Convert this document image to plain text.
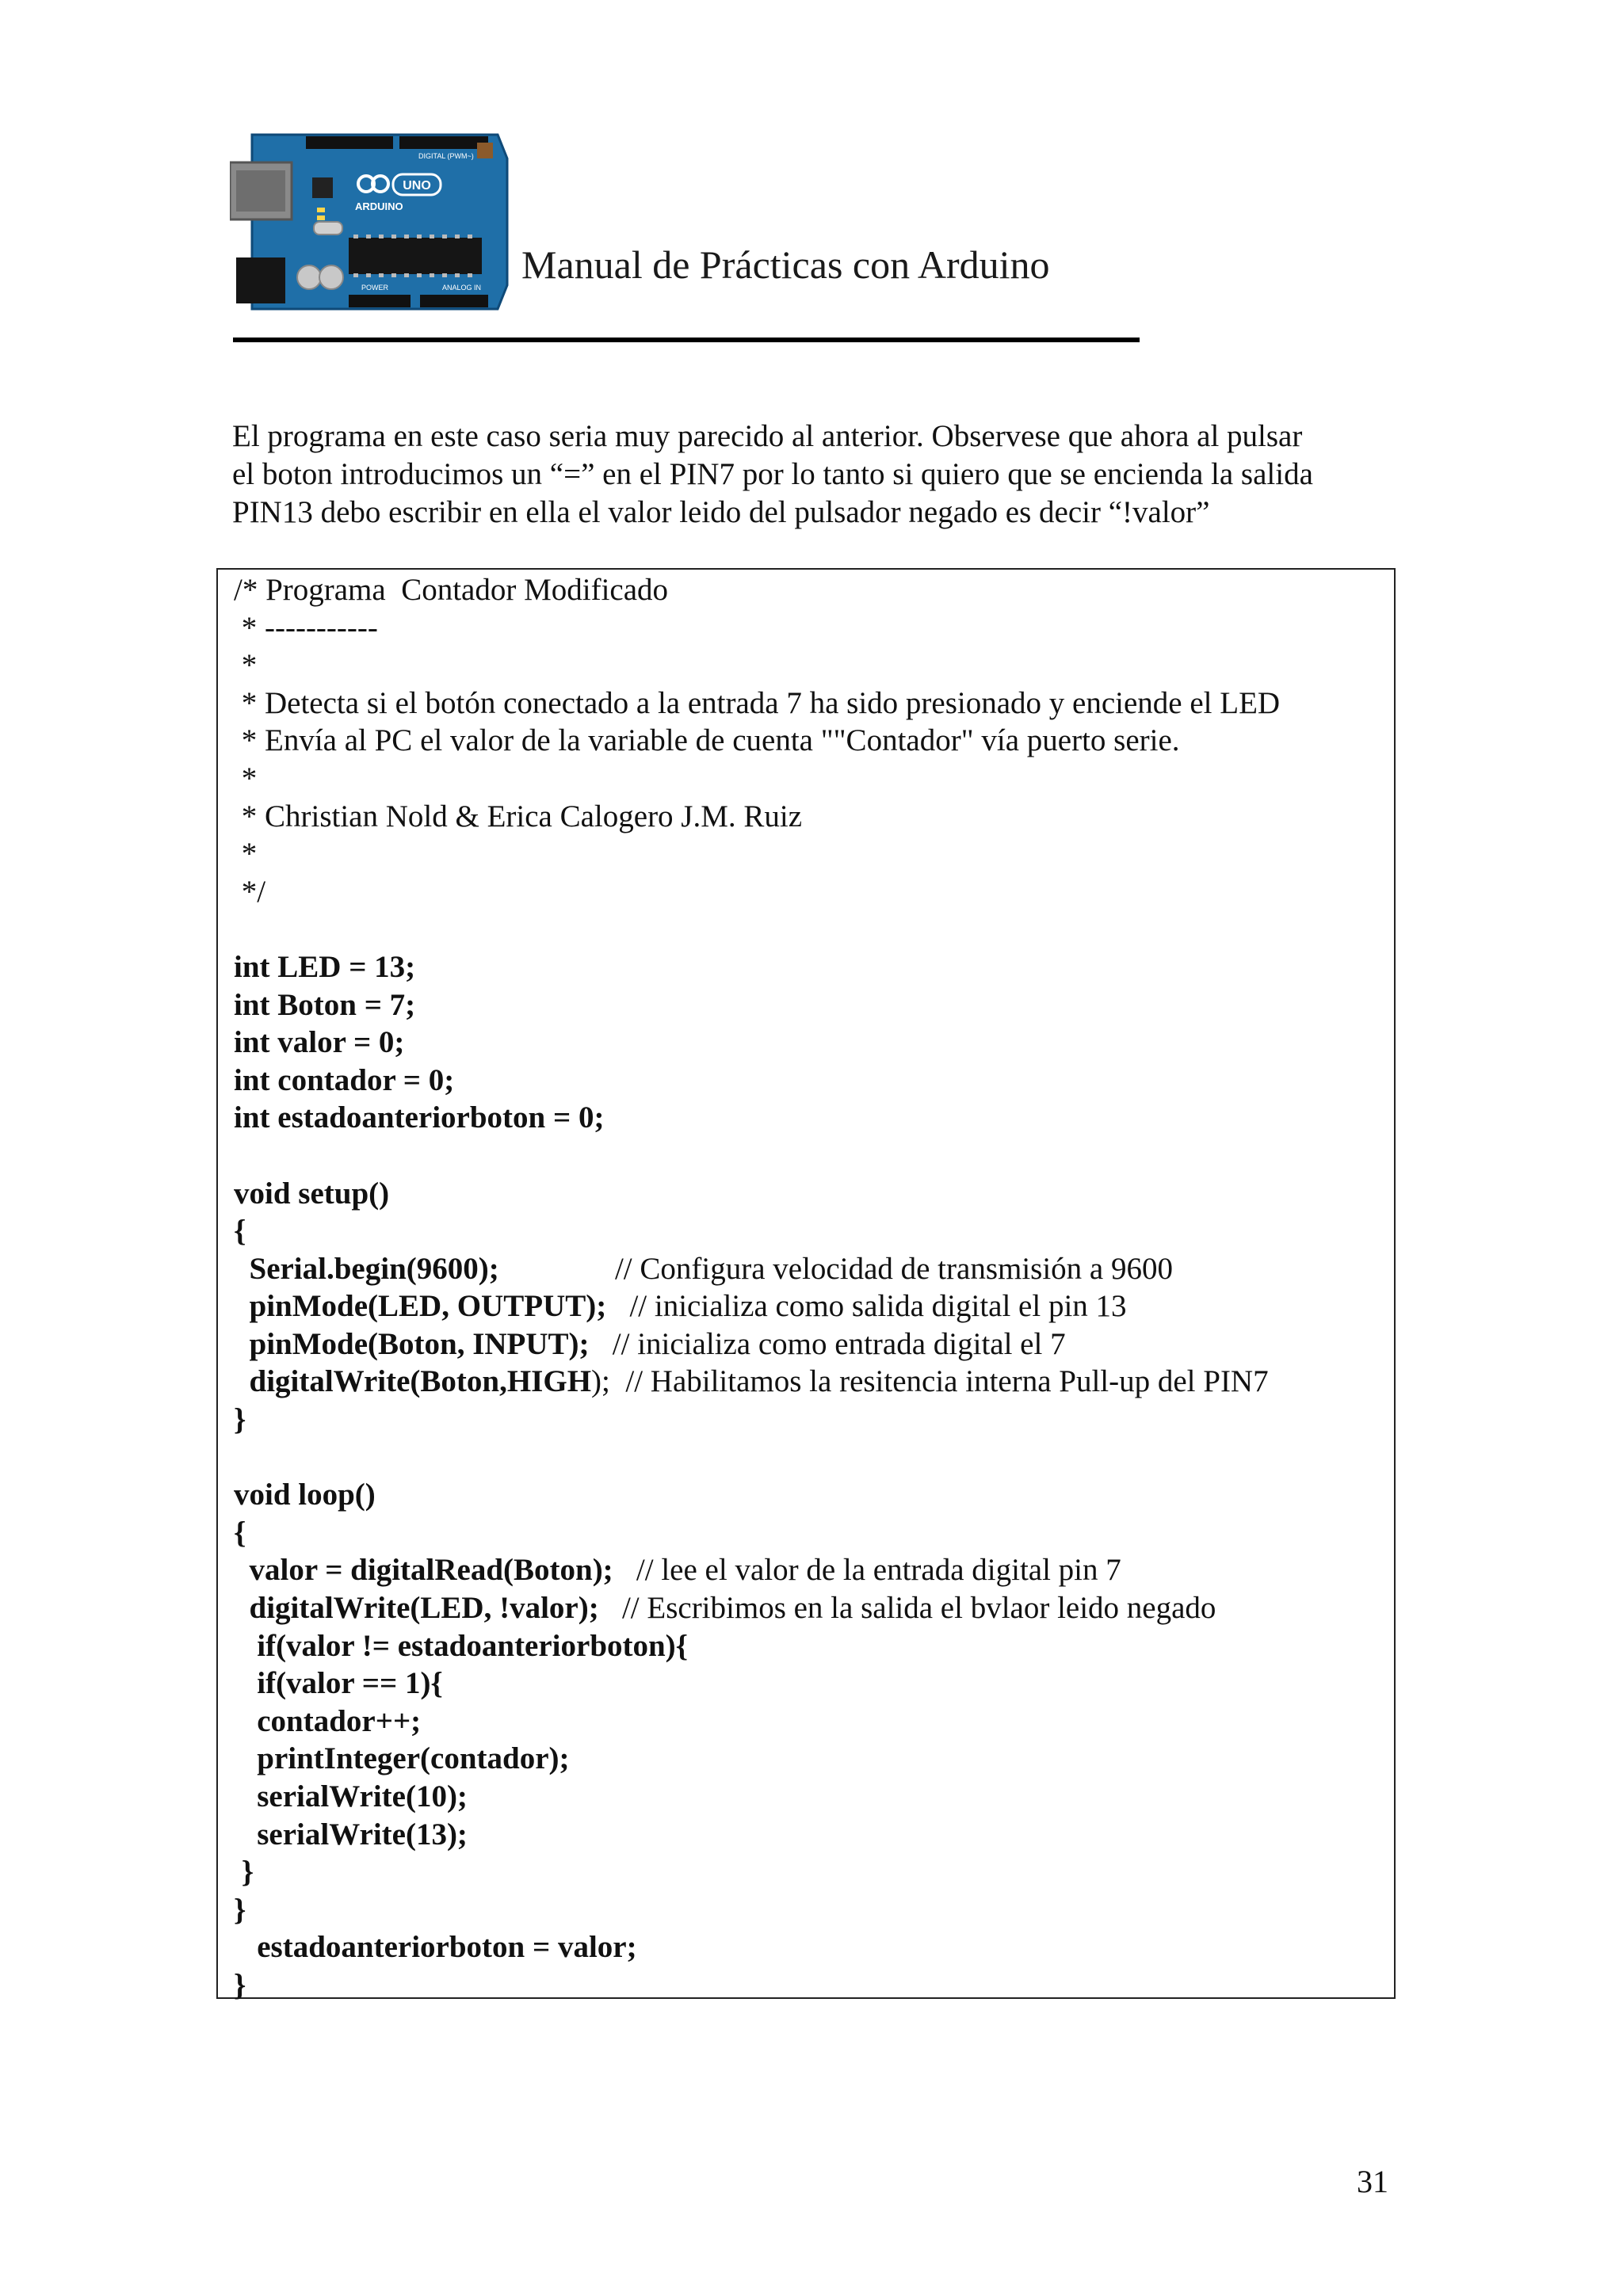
UNO
ARDUINO
DIGITAL (PWM~)
POWER	ANALOG IN
Manual de Prácticas con Arduino
El programa en este caso seria muy parecido al anterior. Observese que ahora al pulsar
el boton introducimos un “=” en el PIN7 por lo tanto si quiero que se encienda la salida
PIN13 debo escribir en ella el valor leido del pulsador negado es decir “!valor”
/* Programa  Contador Modificado
* -----------
*
* Detecta si el botón conectado a la entrada 7 ha sido presionado y enciende el LED
* Envía al PC el valor de la variable de cuenta ""Contador" vía puerto serie.
*
* Christian Nold & Erica Calogero J.M. Ruiz
*
*/
int LED = 13;
int Boton = 7;
int valor = 0;
int contador = 0;
int estadoanteriorboton = 0;
void setup()
{
Serial.begin(9600);               // Configura velocidad de transmisión a 9600
pinMode(LED, OUTPUT);   // inicializa como salida digital el pin 13
pinMode(Boton, INPUT);   // inicializa como entrada digital el 7
digitalWrite(Boton,HIGH);  // Habilitamos la resitencia interna Pull-up del PIN7
}
void loop()
{
valor = digitalRead(Boton);   // lee el valor de la entrada digital pin 7
digitalWrite(LED, !valor);   // Escribimos en la salida el bvlaor leido negado
if(valor != estadoanteriorboton){
if(valor == 1){
contador++;
printInteger(contador);
serialWrite(10);
serialWrite(13);
}
}
estadoanteriorboton = valor;
}
31
